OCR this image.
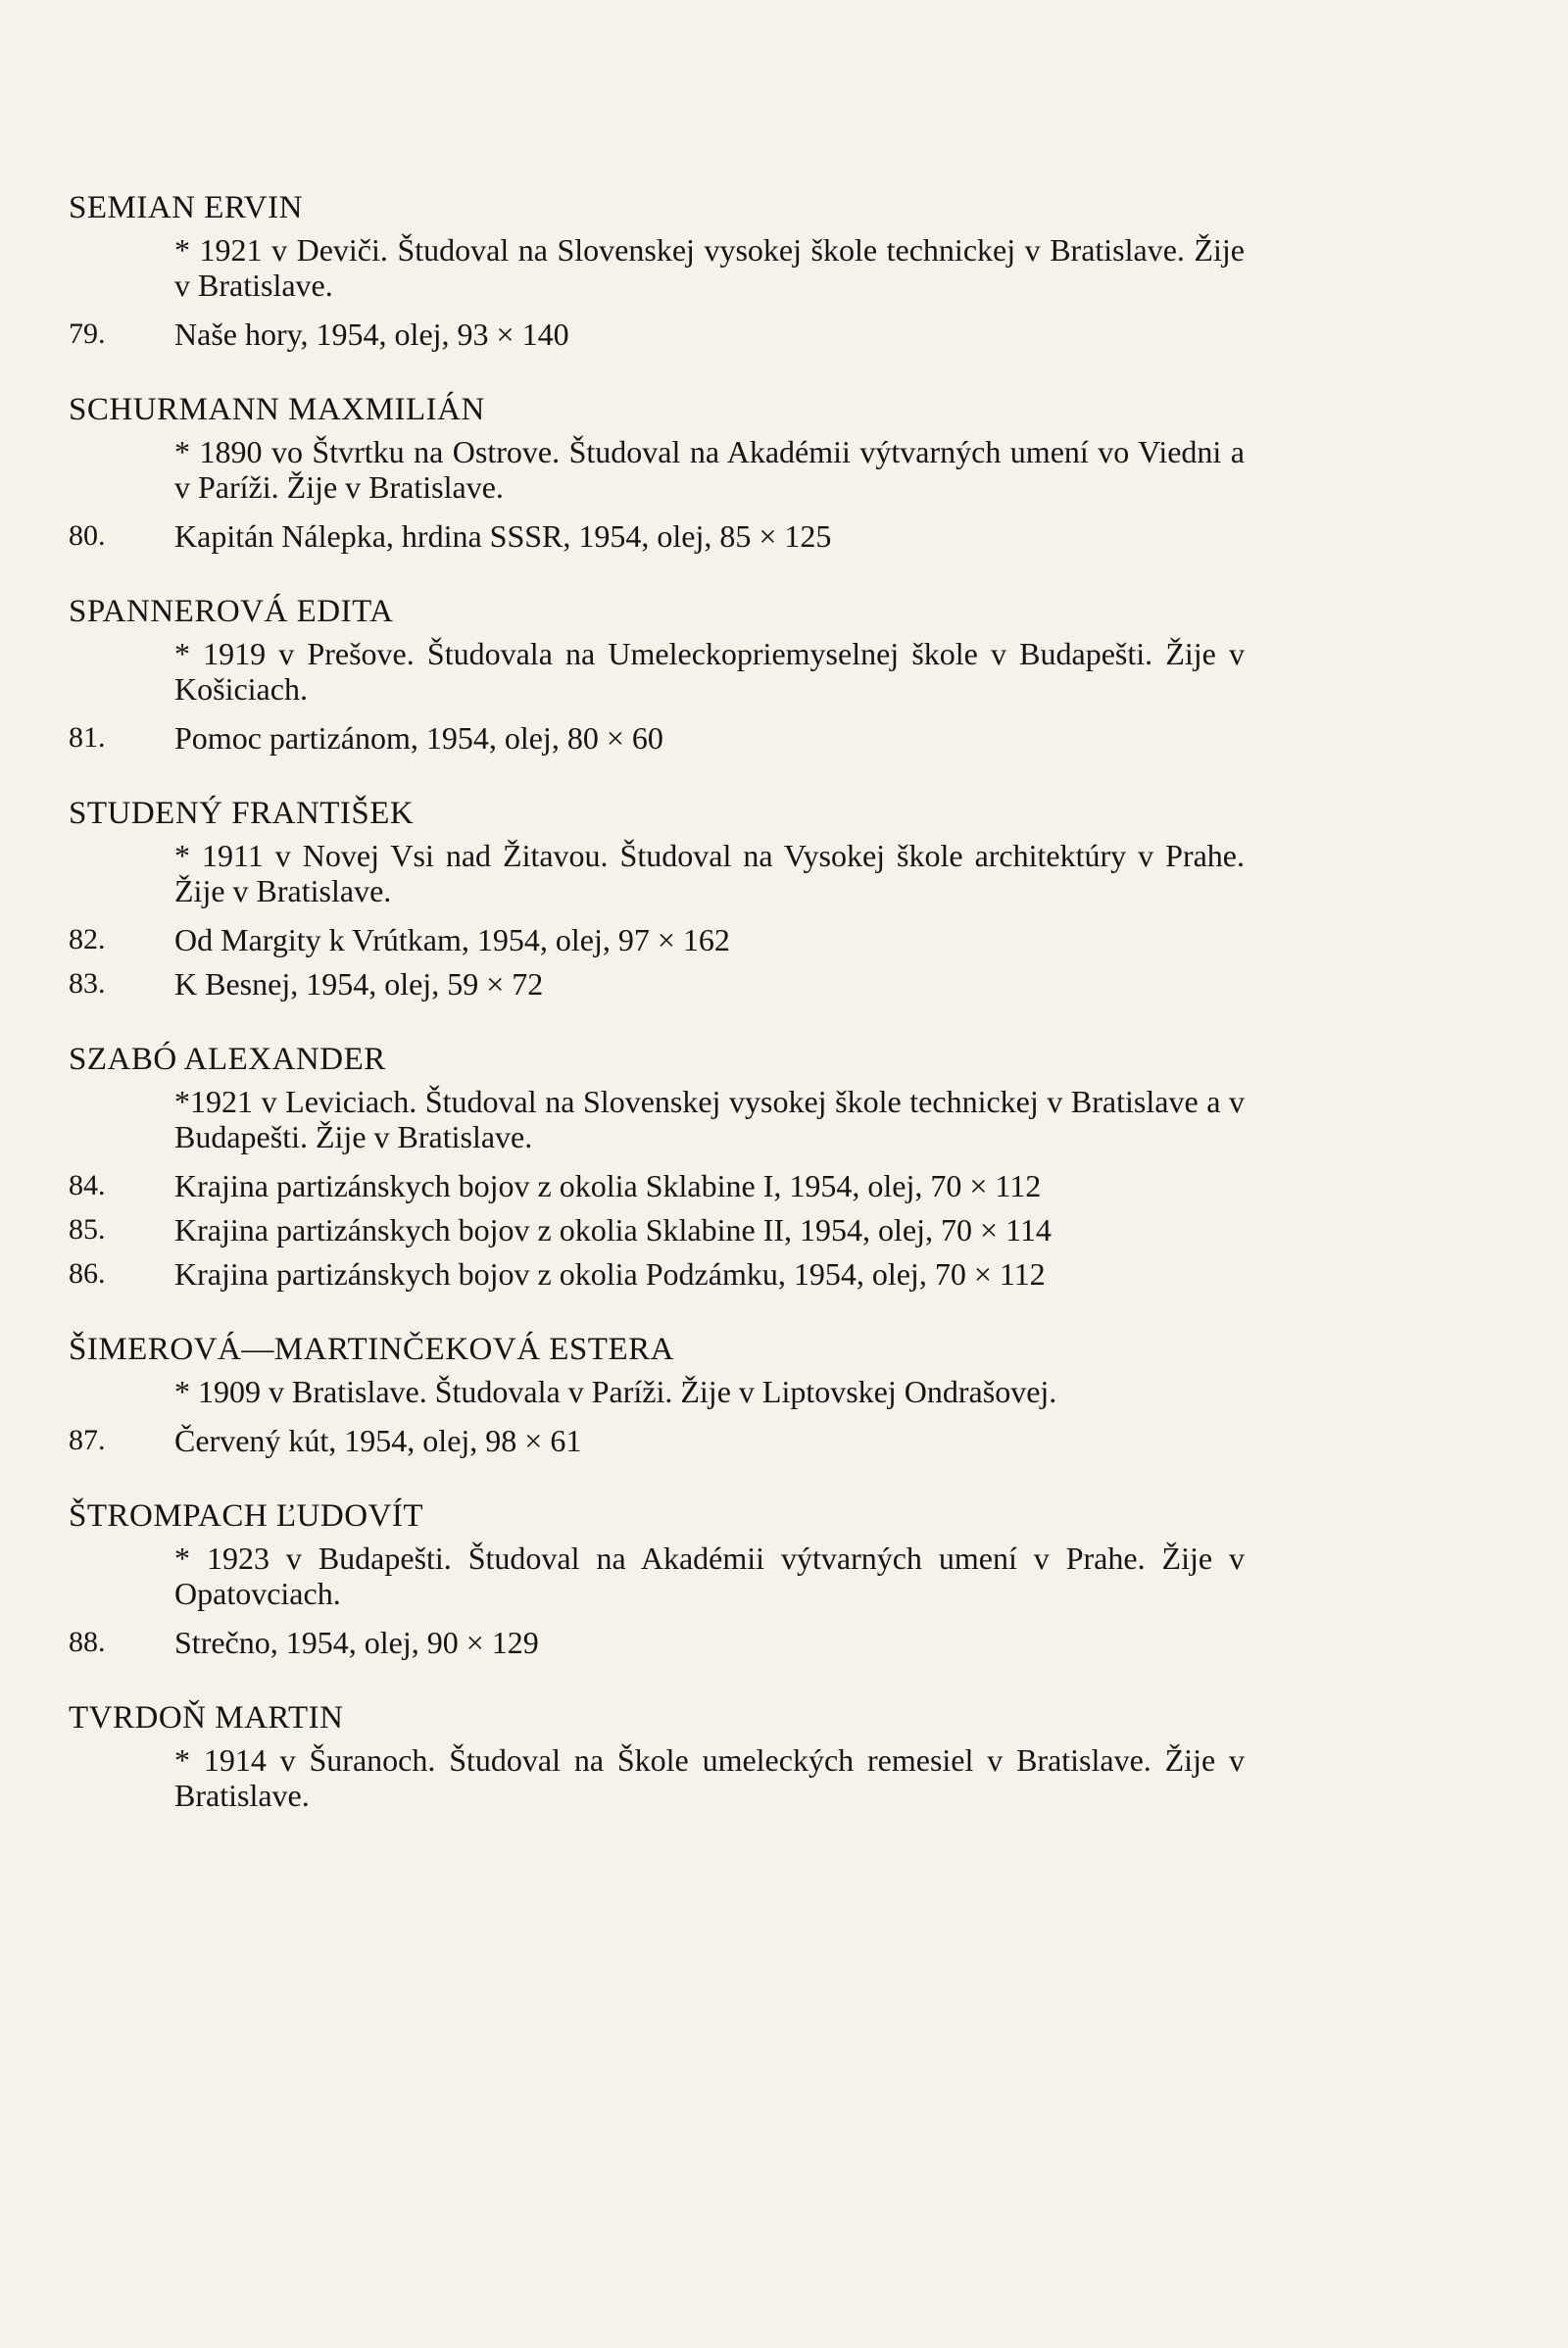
SEMIAN ERVIN
* 1921 v Deviči. Študoval na Slovenskej vysokej škole technickej v Bratislave. Žije v Bratislave.
79.	Naše hory, 1954, olej, 93 × 140
SCHURMANN MAXMILIÁN
* 1890 vo Štvrtku na Ostrove. Študoval na Akadémii výtvarných umení vo Viedni a v Paríži. Žije v Bratislave.
80.	Kapitán Nálepka, hrdina SSSR, 1954, olej, 85 × 125
SPANNEROVÁ EDITA
* 1919 v Prešove. Študovala na Umeleckopriemyselnej škole v Budapešti. Žije v Košiciach.
81.	Pomoc partizánom, 1954, olej, 80 × 60
STUDENÝ FRANTIŠEK
* 1911 v Novej Vsi nad Žitavou. Študoval na Vysokej škole architektúry v Prahe. Žije v Bratislave.
82.	Od Margity k Vrútkam, 1954, olej, 97 × 162
83.	K Besnej, 1954, olej, 59 × 72
SZABÓ ALEXANDER
*1921 v Leviciach. Študoval na Slovenskej vysokej škole technickej v Bratislave a v Budapešti. Žije v Bratislave.
84.	Krajina partizánskych bojov z okolia Sklabine I, 1954, olej, 70 × 112
85.	Krajina partizánskych bojov z okolia Sklabine II, 1954, olej, 70 × 114
86.	Krajina partizánskych bojov z okolia Podzámku, 1954, olej, 70 × 112
ŠIMEROVÁ—MARTINČEKOVÁ ESTERA
* 1909 v Bratislave. Študovala v Paríži. Žije v Liptovskej Ondrašovej.
87.	Červený kút, 1954, olej, 98 × 61
ŠTROMPACH ĽUDOVÍT
* 1923 v Budapešti. Študoval na Akadémii výtvarných umení v Prahe. Žije v Opatovciach.
88.	Strečno, 1954, olej, 90 × 129
TVRDOŇ MARTIN
* 1914 v Šuranoch. Študoval na Škole umeleckých remesiel v Bratislave. Žije v Bratislave.
